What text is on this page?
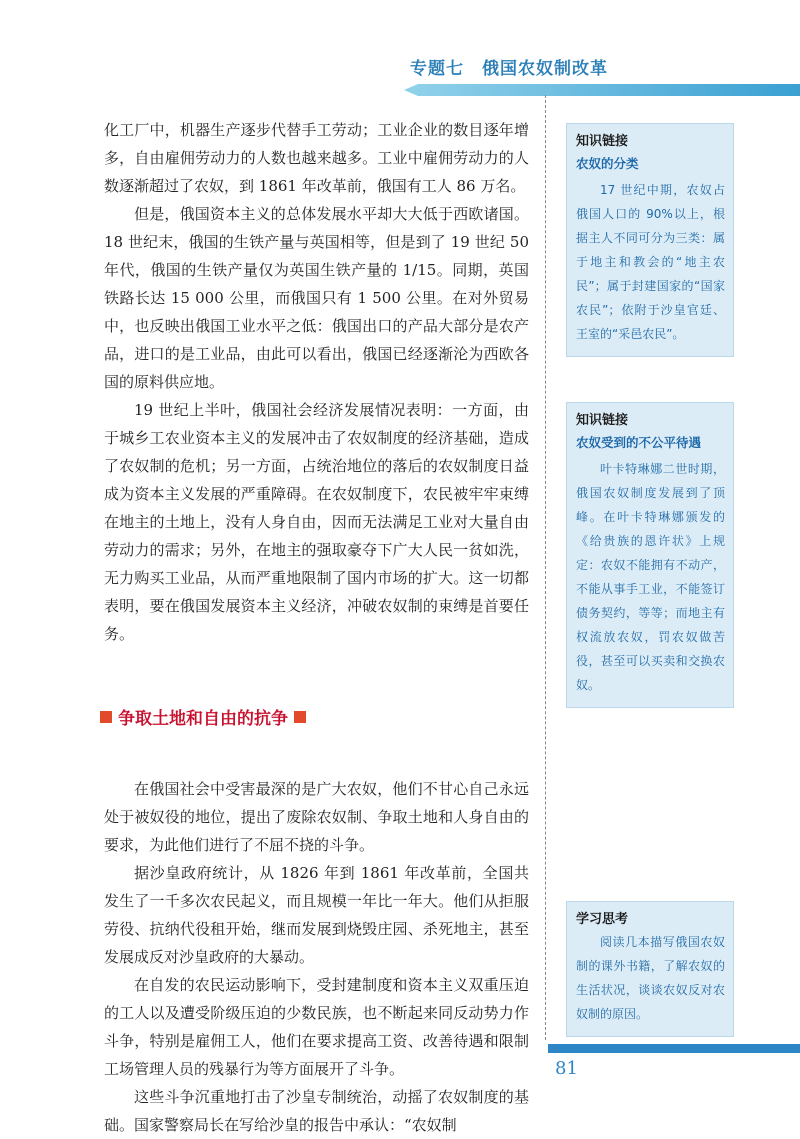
专题七　俄国农奴制改革

化工厂中，机器生产逐步代替手工劳动；工业企业的数目逐年增多，自由雇佣劳动力的人数也越来越多。工业中雇佣劳动力的人数逐渐超过了农奴，到 1861 年改革前，俄国有工人 86 万名。

但是，俄国资本主义的总体发展水平却大大低于西欧诸国。18 世纪末，俄国的生铁产量与英国相等，但是到了 19 世纪 50 年代，俄国的生铁产量仅为英国生铁产量的 1/15。同期，英国铁路长达 15 000 公里，而俄国只有 1 500 公里。在对外贸易中，也反映出俄国工业水平之低：俄国出口的产品大部分是农产品，进口的是工业品，由此可以看出，俄国已经逐渐沦为西欧各国的原料供应地。

19 世纪上半叶，俄国社会经济发展情况表明：一方面，由于城乡工农业资本主义的发展冲击了农奴制度的经济基础，造成了农奴制的危机；另一方面，占统治地位的落后的农奴制度日益成为资本主义发展的严重障碍。在农奴制度下，农民被牢牢束缚在地主的土地上，没有人身自由，因而无法满足工业对大量自由劳动力的需求；另外，在地主的强取豪夺下广大人民一贫如洗，无力购买工业品，从而严重地限制了国内市场的扩大。这一切都表明，要在俄国发展资本主义经济，冲破农奴制的束缚是首要任务。

争取土地和自由的抗争

在俄国社会中受害最深的是广大农奴，他们不甘心自己永远处于被奴役的地位，提出了废除农奴制、争取土地和人身自由的要求，为此他们进行了不屈不挠的斗争。

据沙皇政府统计，从 1826 年到 1861 年改革前，全国共发生了一千多次农民起义，而且规模一年比一年大。他们从拒服劳役、抗纳代役租开始，继而发展到烧毁庄园、杀死地主，甚至发展成反对沙皇政府的大暴动。

在自发的农民运动影响下，受封建制度和资本主义双重压迫的工人以及遭受阶级压迫的少数民族，也不断起来同反动势力作斗争，特别是雇佣工人，他们在要求提高工资、改善待遇和限制工场管理人员的残暴行为等方面展开了斗争。

这些斗争沉重地打击了沙皇专制统治，动摇了农奴制度的基础。国家警察局长在写给沙皇的报告中承认：“农奴制

知识链接

农奴的分类

17 世纪中期，农奴占俄国人口的 90%以上，根据主人不同可分为三类：属于地主和教会的“地主农民”；属于封建国家的“国家农民”；依附于沙皇官廷、王室的“采邑农民”。

知识链接

农奴受到的不公平待遇

叶卡特琳娜二世时期，俄国农奴制度发展到了顶峰。在叶卡特琳娜颁发的《给贵族的恩许状》上规定：农奴不能拥有不动产，不能从事手工业，不能签订债务契约，等等；而地主有权流放农奴，罚农奴做苦役，甚至可以买卖和交换农奴。

学习思考

阅读几本描写俄国农奴制的课外书籍，了解农奴的生活状况，谈谈农奴反对农奴制的原因。

81
